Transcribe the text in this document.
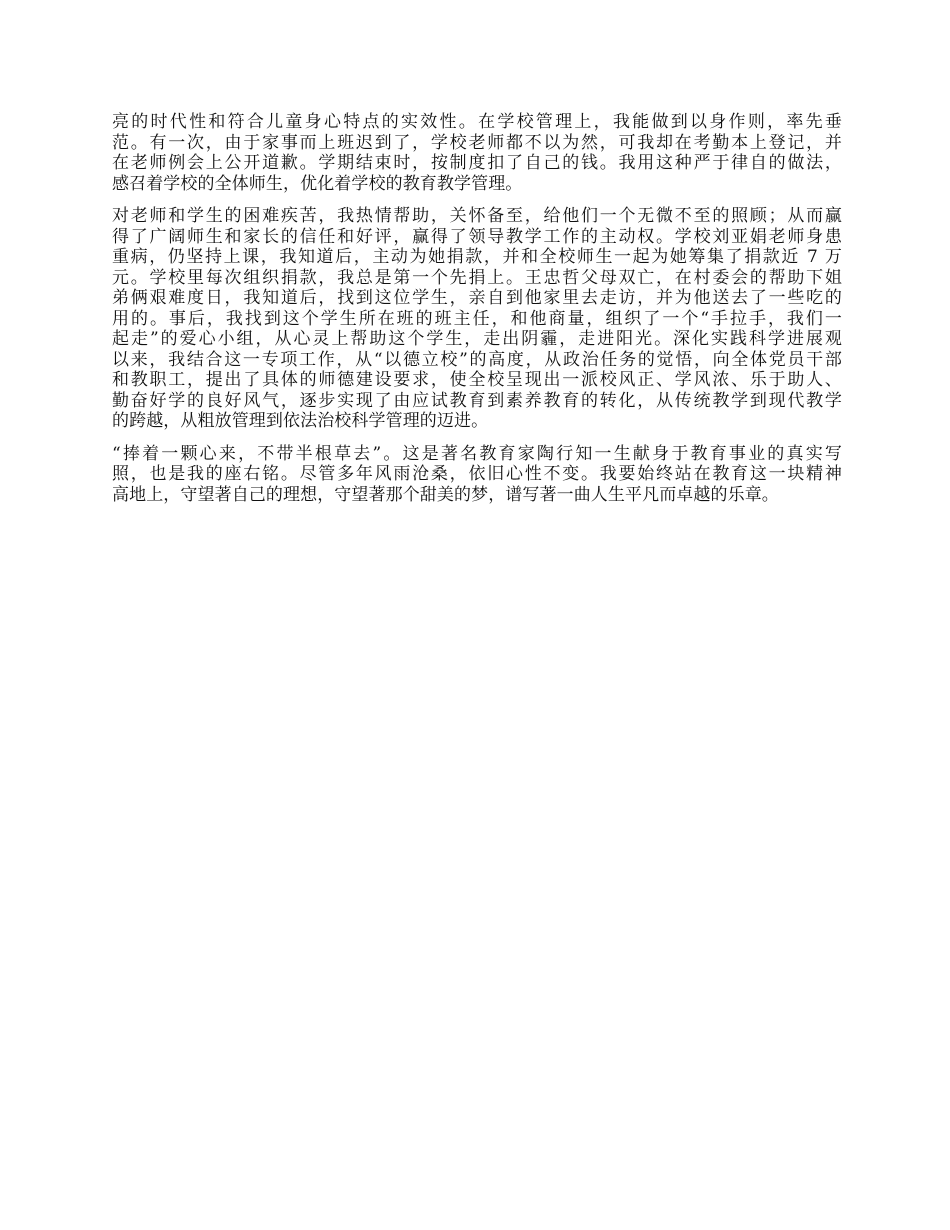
亮的时代性和符合儿童身心特点的实效性。在学校管理上，我能做到以身作则，率先垂
范。有一次，由于家事而上班迟到了，学校老师都不以为然，可我却在考勤本上登记，并
在老师例会上公开道歉。学期结束时，按制度扣了自己的钱。我用这种严于律自的做法，
感召着学校的全体师生，优化着学校的教育教学管理。
对老师和学生的困难疾苦，我热情帮助，关怀备至，给他们一个无微不至的照顾；从而赢
得了广阔师生和家长的信任和好评，赢得了领导教学工作的主动权。学校刘亚娟老师身患
重病，仍坚持上课，我知道后，主动为她捐款，并和全校师生一起为她筹集了捐款近 7 万
元。学校里每次组织捐款，我总是第一个先捐上。王忠哲父母双亡，在村委会的帮助下姐
弟俩艰难度日，我知道后，找到这位学生，亲自到他家里去走访，并为他送去了一些吃的
用的。事后，我找到这个学生所在班的班主任，和他商量，组织了一个“手拉手，我们一
起走”的爱心小组，从心灵上帮助这个学生，走出阴霾，走进阳光。深化实践科学进展观
以来，我结合这一专项工作，从“以德立校”的高度，从政治任务的觉悟，向全体党员干部
和教职工，提出了具体的师德建设要求，使全校呈现出一派校风正、学风浓、乐于助人、
勤奋好学的良好风气，逐步实现了由应试教育到素养教育的转化，从传统教学到现代教学
的跨越，从粗放管理到依法治校科学管理的迈进。
“捧着一颗心来，不带半根草去”。这是著名教育家陶行知一生献身于教育事业的真实写
照，也是我的座右铭。尽管多年风雨沧桑，依旧心性不变。我要始终站在教育这一块精神
高地上，守望著自己的理想，守望著那个甜美的梦，谱写著一曲人生平凡而卓越的乐章。
